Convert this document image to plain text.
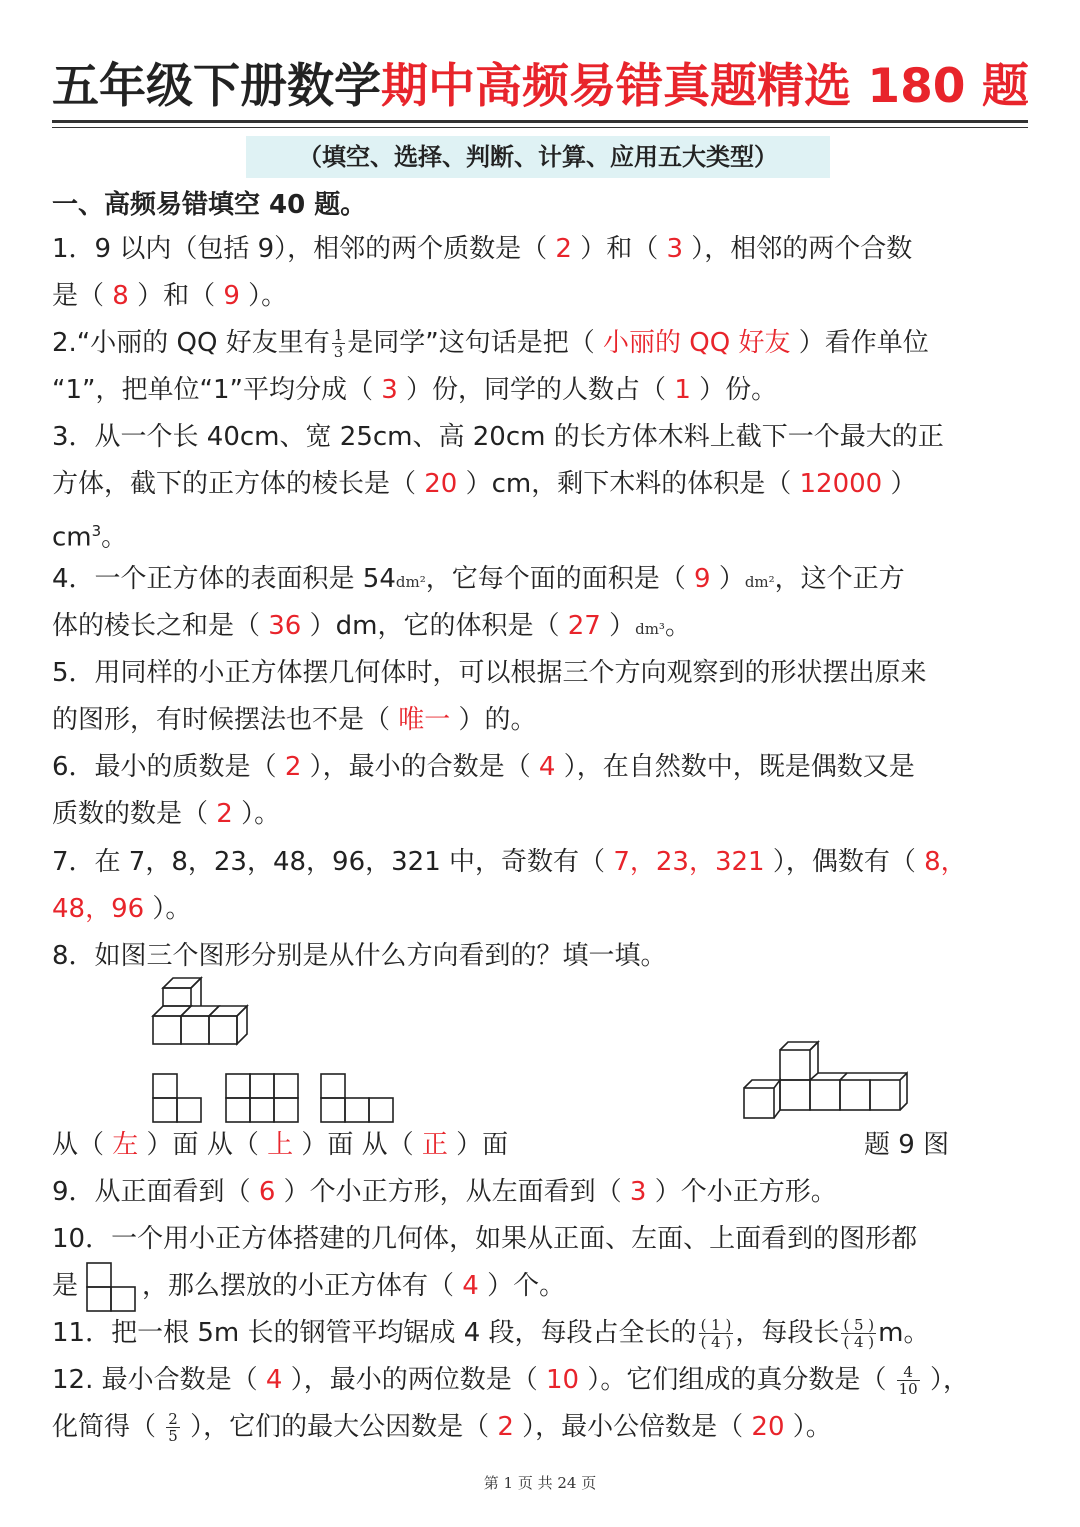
五年级下册数学期中高频易错真题精选 180 题
（填空、选择、判断、计算、应用五大类型）
一、高频易错填空 40 题。
1．9 以内（包括 9），相邻的两个质数是（ 2 ）和（ 3 ），相邻的两个合数
是（ 8 ）和（ 9 ）。
2.“小丽的 QQ 好友里有 $\frac{1}{3}$ 是同学”这句话是把（ 小丽的 QQ 好友 ）看作单位
“1”，把单位“1”平均分成（ 3 ）份，同学的人数占（ 1 ）份。
3．从一个长 40cm、宽 25cm、高 20cm 的长方体木料上截下一个最大的正
方体，截下的正方体的棱长是（ 20 ）cm，剩下木料的体积是（ 12000 ）
$cm^3$。
4．一个正方体的表面积是 54dm²，它每个面的面积是（ 9 ）dm²，这个正方
体的棱长之和是（ 36 ）dm，它的体积是（ 27 ）dm³。
5．用同样的小正方体摆几何体时，可以根据三个方向观察到的形状摆出原来
的图形，有时候摆法也不是（ 唯一 ）的。
6．最小的质数是（ 2 ），最小的合数是（ 4 ），在自然数中，既是偶数又是
质数的数是（ 2 ）。
7．在 7，8，23，48，96，321 中，奇数有（ 7，23，321 ），偶数有（ 8，
48，96 ）。
8．如图三个图形分别是从什么方向看到的？填一填。
从（ 左 ）面 从（ 上 ）面 从（ 正 ）面	题 9 图
9．从正面看到（ 6 ）个小正方形，从左面看到（ 3 ）个小正方形。
10．一个用小正方体搭建的几何体，如果从正面、左面、上面看到的图形都
是 ，那么摆放的小正方体有（ 4 ）个。
11．把一根 5m 长的钢管平均锯成 4 段，每段占全长的 $\frac{( 1 )}{( 4 )}$ ，每段长 $\frac{( 5 )}{( 4 )}$ m。
12. 最小合数是（ 4 ），最小的两位数是（ 10 ）。它们组成的真分数是（ $\frac{4}{10}$ ），
化简得（ $\frac{2}{5}$ ），它们的最大公因数是（ 2 ），最小公倍数是（ 20 ）。
第 1 页 共 24 页
